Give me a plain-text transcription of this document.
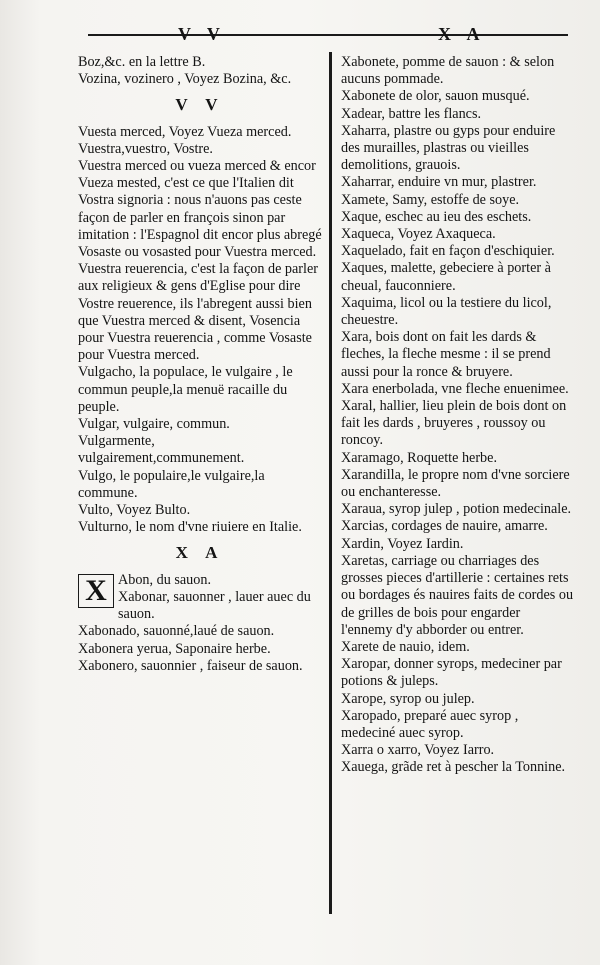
V V	X A

Boz,&c. en la lettre B.

Vozina, vozinero , Voyez Bozina, &c.

V V

Vuesta merced, Voyez Vueza merced.

Vuestra,vuestro, Vostre.

Vuestra merced ou vueza merced & encor Vueza mested, c'est ce que l'Italien dit Vostra signoria : nous n'auons pas ceste façon de parler en françois sinon par imitation : l'Espagnol dit encor plus abregé Vosaste ou vosasted pour Vuestra merced.

Vuestra reuerencia, c'est la façon de parler aux religieux & gens d'Eglise pour dire Vostre reuerence, ils l'abregent aussi bien que Vuestra merced & disent, Vosencia pour Vuestra reuerencia , comme Vosaste pour Vuestra merced.

Vulgacho, la populace, le vulgaire , le commun peuple,la menuë racaille du peuple.

Vulgar, vulgaire, commun.

Vulgarmente, vulgairement,communement.

Vulgo, le populaire,le vulgaire,la commune.

Vulto, Voyez Bulto.

Vulturno, le nom d'vne riuiere en Italie.

X A
X Abon, du sauon.

Xabonar, sauonner , lauer auec du sauon.

Xabonado, sauonné,laué de sauon.

Xabonera yerua, Saponaire herbe.

Xabonero, sauonnier , faiseur de sauon.

Xabonete, pomme de sauon : & selon aucuns pommade.

Xabonete de olor, sauon musqué.

Xadear, battre les flancs.

Xaharra, plastre ou gyps pour enduire des murailles, plastras ou vieilles demolitions, grauois.

Xaharrar, enduire vn mur, plastrer.

Xamete, Samy, estoffe de soye.

Xaque, eschec au ieu des eschets.

Xaqueca, Voyez Axaqueca.

Xaquelado, fait en façon d'eschiquier.

Xaques, malette, gebeciere à porter à cheual, fauconniere.

Xaquima, licol ou la testiere du licol, cheuestre.

Xara, bois dont on fait les dards & fleches, la fleche mesme : il se prend aussi pour la ronce & bruyere.

Xara enerbolada, vne fleche enuenimee.

Xaral, hallier, lieu plein de bois dont on fait les dards , bruyeres , roussoy ou roncoy.

Xaramago, Roquette herbe.

Xarandilla, le propre nom d'vne sorciere ou enchanteresse.

Xaraua, syrop julep , potion medecinale.

Xarcias, cordages de nauire, amarre.

Xardin, Voyez Iardin.

Xaretas, carriage ou charriages des grosses pieces d'artillerie : certaines rets ou bordages és nauires faits de cordes ou de grilles de bois pour engarder l'ennemy d'y abborder ou entrer.

Xarete de nauio, idem.

Xaropar, donner syrops, medeciner par potions & juleps.

Xarope, syrop ou julep.

Xaropado, preparé auec syrop , medeciné auec syrop.

Xarra o xarro, Voyez Iarro.

Xauega, grãde ret à pescher la Tonnine.
